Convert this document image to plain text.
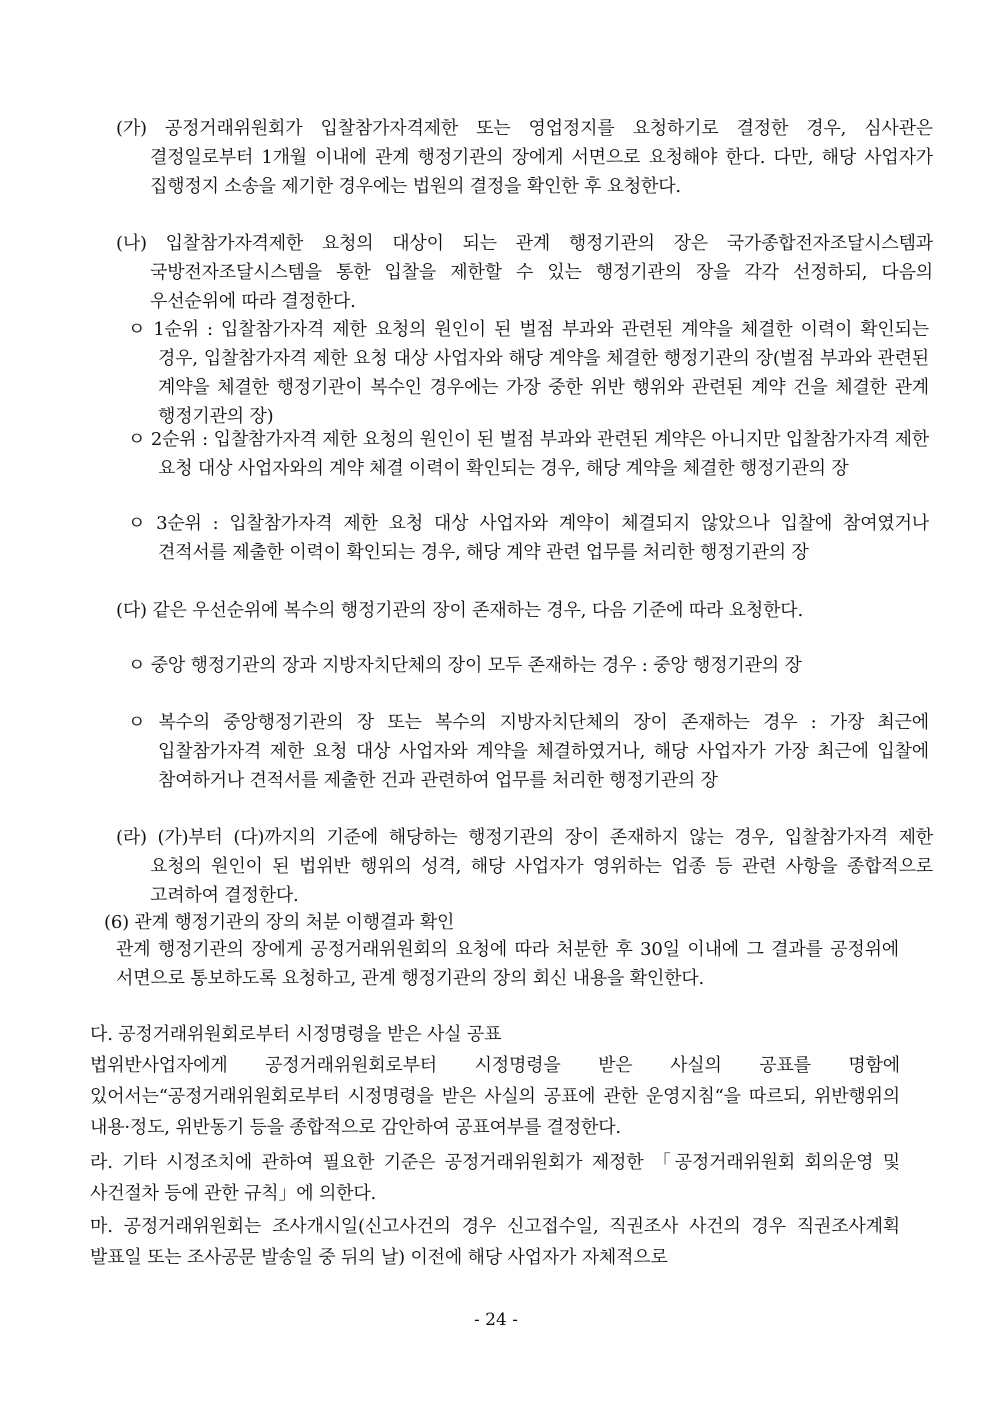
(가) 공정거래위원회가 입찰참가자격제한 또는 영업정지를 요청하기로 결정한 경우, 심사관은 결정일로부터 1개월 이내에 관계 행정기관의 장에게 서면으로 요청해야 한다. 다만, 해당 사업자가 집행정지 소송을 제기한 경우에는 법원의 결정을 확인한 후 요청한다.
(나) 입찰참가자격제한 요청의 대상이 되는 관계 행정기관의 장은 국가종합전자조달시스템과 국방전자조달시스템을 통한 입찰을 제한할 수 있는 행정기관의 장을 각각 선정하되, 다음의 우선순위에 따라 결정한다.
ㅇ 1순위 : 입찰참가자격 제한 요청의 원인이 된 벌점 부과와 관련된 계약을 체결한 이력이 확인되는 경우, 입찰참가자격 제한 요청 대상 사업자와 해당 계약을 체결한 행정기관의 장(벌점 부과와 관련된 계약을 체결한 행정기관이 복수인 경우에는 가장 중한 위반 행위와 관련된 계약 건을 체결한 관계 행정기관의 장)
ㅇ 2순위 : 입찰참가자격 제한 요청의 원인이 된 벌점 부과와 관련된 계약은 아니지만 입찰참가자격 제한 요청 대상 사업자와의 계약 체결 이력이 확인되는 경우, 해당 계약을 체결한 행정기관의 장
ㅇ 3순위 : 입찰참가자격 제한 요청 대상 사업자와 계약이 체결되지 않았으나 입찰에 참여였거나 견적서를 제출한 이력이 확인되는 경우, 해당 계약 관련 업무를 처리한 행정기관의 장
(다) 같은 우선순위에 복수의 행정기관의 장이 존재하는 경우, 다음 기준에 따라 요청한다.
ㅇ 중앙 행정기관의 장과 지방자치단체의 장이 모두 존재하는 경우 : 중앙 행정기관의 장
ㅇ 복수의 중앙행정기관의 장 또는 복수의 지방자치단체의 장이 존재하는 경우 : 가장 최근에 입찰참가자격 제한 요청 대상 사업자와 계약을 체결하였거나, 해당 사업자가 가장 최근에 입찰에 참여하거나 견적서를 제출한 건과 관련하여 업무를 처리한 행정기관의 장
(라) (가)부터 (다)까지의 기준에 해당하는 행정기관의 장이 존재하지 않는 경우, 입찰참가자격 제한 요청의 원인이 된 법위반 행위의 성격, 해당 사업자가 영위하는 업종 등 관련 사항을 종합적으로 고려하여 결정한다.
(6) 관계 행정기관의 장의 처분 이행결과 확인
관계 행정기관의 장에게 공정거래위원회의 요청에 따라 처분한 후 30일 이내에 그 결과를 공정위에 서면으로 통보하도록 요청하고, 관계 행정기관의 장의 회신 내용을 확인한다.
다. 공정거래위원회로부터 시정명령을 받은 사실 공표
법위반사업자에게 공정거래위원회로부터 시정명령을 받은 사실의 공표를 명함에 있어서는“공정거래위원회로부터 시정명령을 받은 사실의 공표에 관한 운영지침“을 따르되, 위반행위의 내용·정도, 위반동기 등을 종합적으로 감안하여 공표여부를 결정한다.
라. 기타 시정조치에 관하여 필요한 기준은 공정거래위원회가 제정한 「공정거래위원회 회의운영 및 사건절차 등에 관한 규칙」에 의한다.
마. 공정거래위원회는 조사개시일(신고사건의 경우 신고접수일, 직권조사 사건의 경우 직권조사계획 발표일 또는 조사공문 발송일 중 뒤의 날) 이전에 해당 사업자가 자체적으로
- 24 -
